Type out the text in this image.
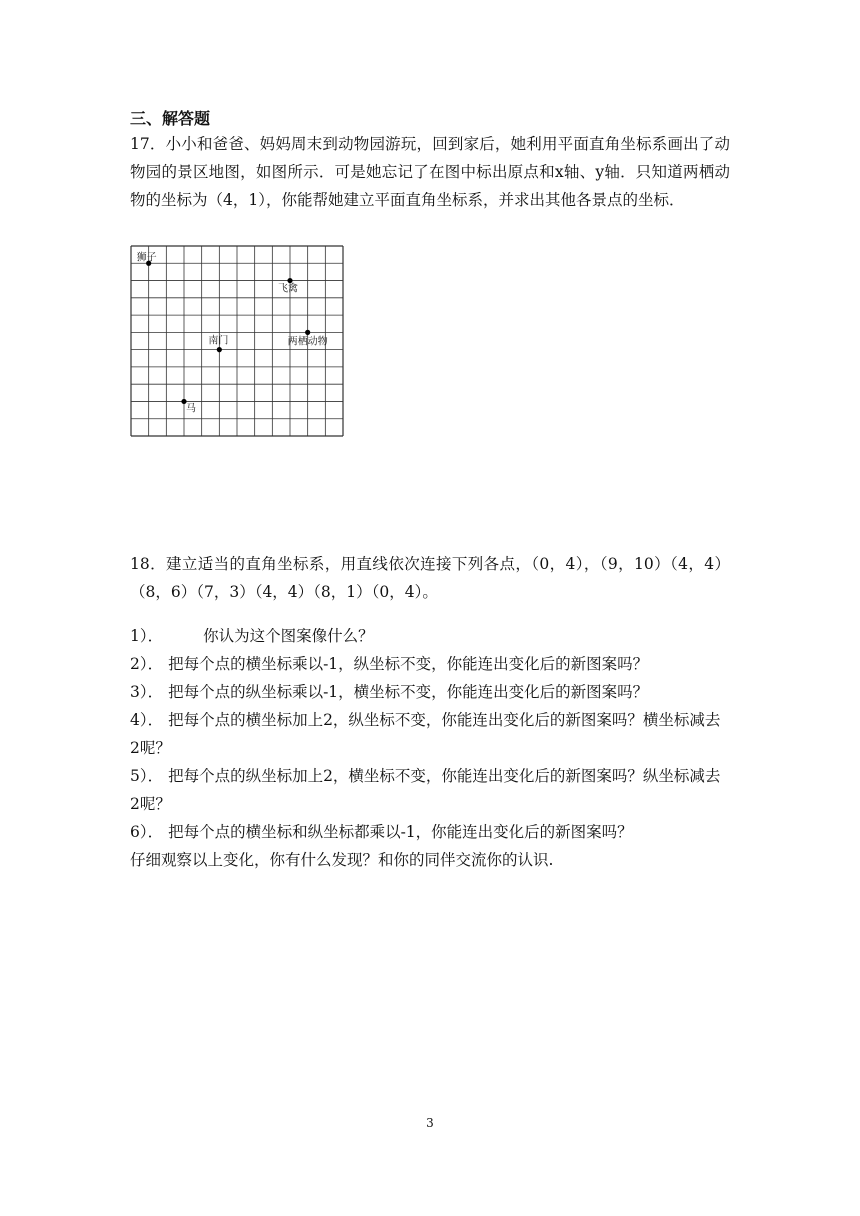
三、解答题
17．小小和爸爸、妈妈周末到动物园游玩，回到家后，她利用平面直角坐标系画出了动物园的景区地图，如图所示．可是她忘记了在图中标出原点和x轴、y轴．只知道两栖动物的坐标为（4，1），你能帮她建立平面直角坐标系，并求出其他各景点的坐标．
狮子
飞禽
南门	两栖动物
马
18．建立适当的直角坐标系，用直线依次连接下列各点，（0，4），（9，10）（4，4）（8，6）（7，3）（4，4）（8，1）（0，4）。

1）．	你认为这个图案像什么？

2）． 把每个点的横坐标乘以-1，纵坐标不变，你能连出变化后的新图案吗？

3）． 把每个点的纵坐标乘以-1，横坐标不变，你能连出变化后的新图案吗？

4）． 把每个点的横坐标加上2，纵坐标不变，你能连出变化后的新图案吗？横坐标减去2呢？

5）． 把每个点的纵坐标加上2，横坐标不变，你能连出变化后的新图案吗？纵坐标减去2呢？

6）． 把每个点的横坐标和纵坐标都乘以-1，你能连出变化后的新图案吗？

仔细观察以上变化，你有什么发现？和你的同伴交流你的认识.

3
